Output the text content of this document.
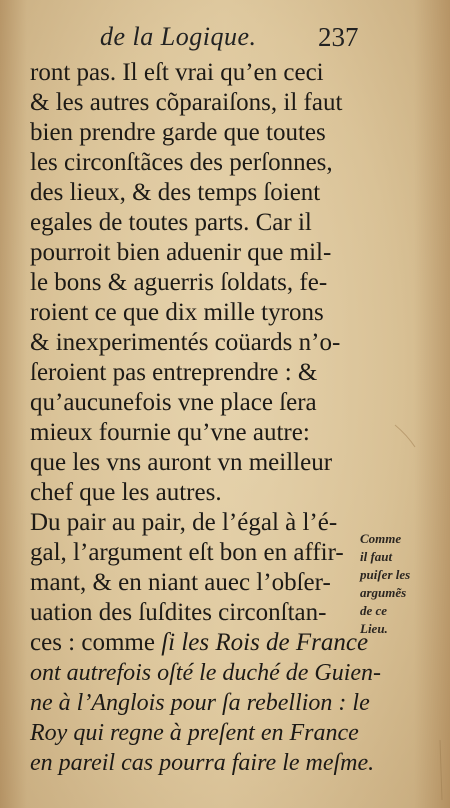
de la Logique. 237
ront pas. Il eſt vrai qu’en ceci
& les autres cõparaiſons, il faut
bien prendre garde que toutes
les circonſtãces des perſonnes,
des lieux, & des temps ſoient
egales de toutes parts. Car il
pourroit bien aduenir que mil-
le bons & aguerris ſoldats, fe-
roient ce que dix mille tyrons
& inexperimentés coüards n’o-
ſeroient pas entreprendre : &
qu’aucunefois vne place ſera
mieux fournie qu’vne autre:
que les vns auront vn meilleur
chef que les autres.
Du pair au pair, de l’égal à l’é-
gal, l’argument eſt bon en affir-
mant, & en niant auec l’obſer-
uation des ſuſdites circonſtan-
ces : comme ſi les Rois de France
ont autrefois oſté le duché de Guien-
ne à l’Anglois pour ſa rebellion : le
Roy qui regne à preſent en France
en pareil cas pourra faire le meſme.
Comme
il faut
puiſer les
argumẽs
de ce
Lieu.
